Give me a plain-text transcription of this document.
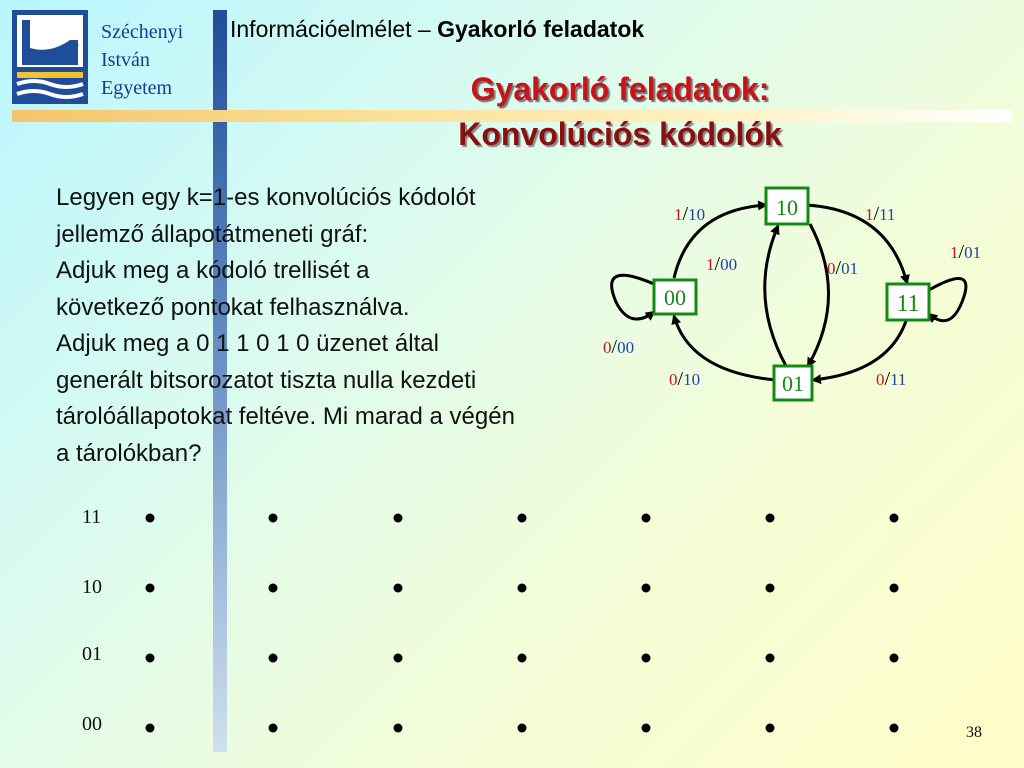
Széchenyi
István
Egyetem
Információelmélet – Gyakorló feladatok
Gyakorló feladatok:
Konvolúciós kódolók
Legyen egy k=1-es konvolúciós kódolót
jellemző állapotátmeneti gráf:
Adjuk meg a kódoló trellisét a
következő pontokat felhasználva.
Adjuk meg a 0 1 1 0 1 0 üzenet által
generált bitsorozatot tiszta nulla kezdeti
tárolóállapotokat feltéve. Mi marad a végén
a tárolókban?
00
10
11
01
1/10
1/00	0/01
1/11
1/01
0/00
0/10	0/11
11
10
01
00	38
